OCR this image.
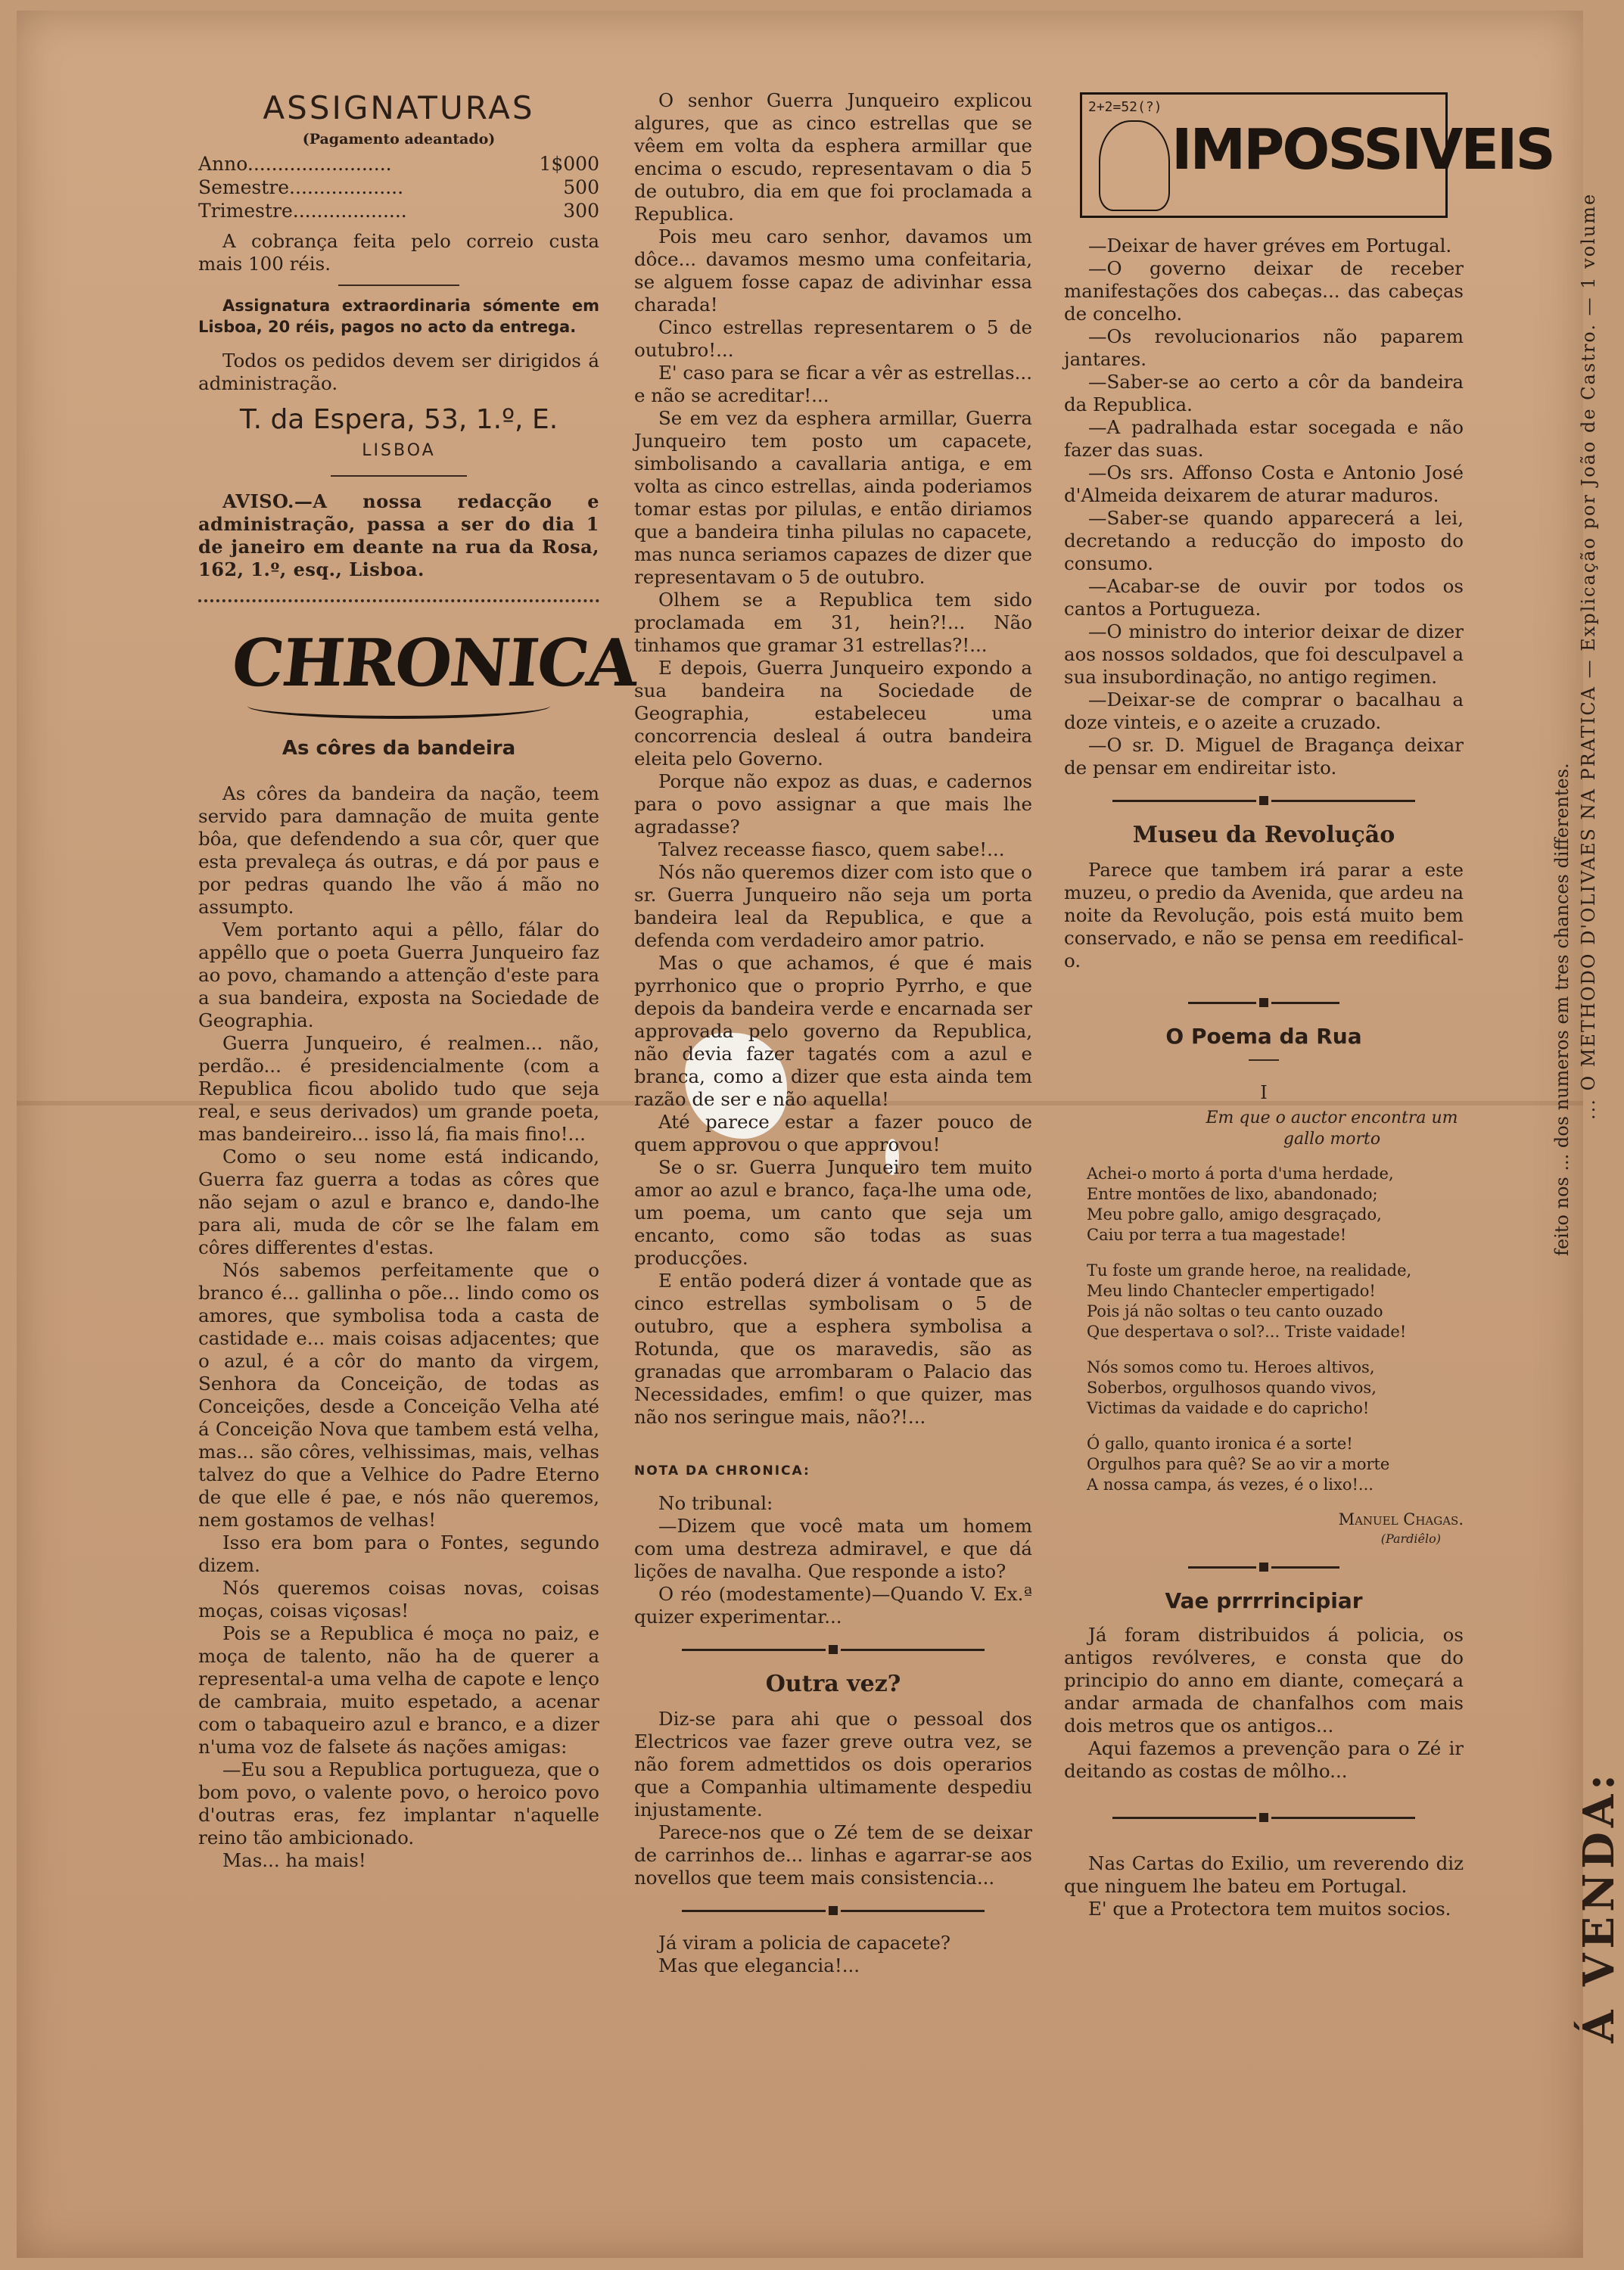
ASSIGNATURAS
(Pagamento adeantado)
Anno........................	1$000
Semestre...................	500
Trimestre...................	300

A cobrança feita pelo correio custa mais 100 réis.

Assignatura extraordinaria sómente em Lisboa, 20 réis, pagos no acto da entrega.

Todos os pedidos devem ser dirigidos á administração.

T. da Espera, 53, 1.º, E.
LISBOA

AVISO.—A nossa redacção e administração, passa a ser do dia 1 de janeiro em deante na rua da Rosa, 162, 1.º, esq., Lisboa.

CHRONICA
As côres da bandeira

As côres da bandeira da nação, teem servido para damnação de muita gente bôa, que defendendo a sua côr, quer que esta prevaleça ás outras, e dá por paus e por pedras quando lhe vão á mão no assumpto.

Vem portanto aqui a pêllo, fálar do appêllo que o poeta Guerra Junqueiro faz ao povo, chamando a attenção d'este para a sua bandeira, exposta na Sociedade de Geographia.

Guerra Junqueiro, é realmen... não, perdão... é presidencialmente (com a Republica ficou abolido tudo que seja real, e seus derivados) um grande poeta, mas bandeireiro... isso lá, fia mais fino!...

Como o seu nome está indicando, Guerra faz guerra a todas as côres que não sejam o azul e branco e, dando-lhe para ali, muda de côr se lhe falam em côres differentes d'estas.

Nós sabemos perfeitamente que o branco é... gallinha o põe... lindo como os amores, que symbolisa toda a casta de castidade e... mais coisas adjacentes; que o azul, é a côr do manto da virgem, Senhora da Conceição, de todas as Conceições, desde a Conceição Velha até á Conceição Nova que tambem está velha, mas... são côres, velhissimas, mais, velhas talvez do que a Velhice do Padre Eterno de que elle é pae, e nós não queremos, nem gostamos de velhas!

Isso era bom para o Fontes, segundo dizem.

Nós queremos coisas novas, coisas moças, coisas viçosas!

Pois se a Republica é moça no paiz, e moça de talento, não ha de querer a represental-a uma velha de capote e lenço de cambraia, muito espetado, a acenar com o tabaqueiro azul e branco, e a dizer n'uma voz de falsete ás nações amigas:

—Eu sou a Republica portugueza, que o bom povo, o valente povo, o heroico povo d'outras eras, fez implantar n'aquelle reino tão ambicionado.

Mas... ha mais!

O senhor Guerra Junqueiro explicou algures, que as cinco estrellas que se vêem em volta da esphera armillar que encima o escudo, representavam o dia 5 de outubro, dia em que foi proclamada a Republica.

Pois meu caro senhor, davamos um dôce... davamos mesmo uma confeitaria, se alguem fosse capaz de adivinhar essa charada!

Cinco estrellas representarem o 5 de outubro!...

E' caso para se ficar a vêr as estrellas... e não se acreditar!...

Se em vez da esphera armillar, Guerra Junqueiro tem posto um capacete, simbolisando a cavallaria antiga, e em volta as cinco estrellas, ainda poderiamos tomar estas por pilulas, e então diriamos que a bandeira tinha pilulas no capacete, mas nunca seriamos capazes de dizer que representavam o 5 de outubro.

Olhem se a Republica tem sido proclamada em 31, hein?!... Não tinhamos que gramar 31 estrellas?!...

E depois, Guerra Junqueiro expondo a sua bandeira na Sociedade de Geographia, estabeleceu uma concorrencia desleal á outra bandeira eleita pelo Governo.

Porque não expoz as duas, e cadernos para o povo assignar a que mais lhe agradasse?

Talvez receasse fiasco, quem sabe!...

Nós não queremos dizer com isto que o sr. Guerra Junqueiro não seja um porta bandeira leal da Republica, e que a defenda com verdadeiro amor patrio.

Mas o que achamos, é que é mais pyrrhonico que o proprio Pyrrho, e que depois da bandeira verde e encarnada ser approvada pelo governo da Republica, não devia fazer tagatés com a azul e branca, como a dizer que esta ainda tem razão de ser e não aquella!

Até parece estar a fazer pouco de quem approvou o que approvou!

Se o sr. Guerra Junqueiro tem muito amor ao azul e branco, faça-lhe uma ode, um poema, um canto que seja um encanto, como são todas as suas producções.

E então poderá dizer á vontade que as cinco estrellas symbolisam o 5 de outubro, que a esphera symbolisa a Rotunda, que os maravedis, são as granadas que arrombaram o Palacio das Necessidades, emfim! o que quizer, mas não nos seringue mais, não?!...

NOTA DA CHRONICA:

No tribunal:

—Dizem que você mata um homem com uma destreza admiravel, e que dá lições de navalha. Que responde a isto?

O réo (modestamente)—Quando V. Ex.ª quizer experimentar...

Outra vez?

Diz-se para ahi que o pessoal dos Electricos vae fazer greve outra vez, se não forem admettidos os dois operarios que a Companhia ultimamente despediu injustamente.

Parece-nos que o Zé tem de se deixar de carrinhos de... linhas e agarrar-se aos novellos que teem mais consistencia...

Já viram a policia de capacete?

Mas que elegancia!...

2+2=52(?)
IMPOSSIVEIS

—Deixar de haver gréves em Portugal.

—O governo deixar de receber manifestações dos cabeças... das cabeças de concelho.

—Os revolucionarios não paparem jantares.

—Saber-se ao certo a côr da bandeira da Republica.

—A padralhada estar socegada e não fazer das suas.

—Os srs. Affonso Costa e Antonio José d'Almeida deixarem de aturar maduros.

—Saber-se quando apparecerá a lei, decretando a reducção do imposto do consumo.

—Acabar-se de ouvir por todos os cantos a Portugueza.

—O ministro do interior deixar de dizer aos nossos soldados, que foi desculpavel a sua insubordinação, no antigo regimen.

—Deixar-se de comprar o bacalhau a doze vinteis, e o azeite a cruzado.

—O sr. D. Miguel de Bragança deixar de pensar em endireitar isto.

Museu da Revolução

Parece que tambem irá parar a este muzeu, o predio da Avenida, que ardeu na noite da Revolução, pois está muito bem conservado, e não se pensa em reedifical-o.

O Poema da Rua
I
Em que o auctor encontra um gallo morto
Achei-o morto á porta d'uma herdade,
Entre montões de lixo, abandonado;
Meu pobre gallo, amigo desgraçado,
Caiu por terra a tua magestade!
Tu foste um grande heroe, na realidade,
Meu lindo Chantecler empertigado!
Pois já não soltas o teu canto ouzado
Que despertava o sol?... Triste vaidade!
Nós somos como tu. Heroes altivos,
Soberbos, orgulhosos quando vivos,
Victimas da vaidade e do capricho!
Ó gallo, quanto ironica é a sorte!
Orgulhos para quê? Se ao vir a morte
A nossa campa, ás vezes, é o lixo!...
Manuel Chagas.
(Pardiêlo)
Vae prrrrincipiar

Já foram distribuidos á policia, os antigos revólveres, e consta que do principio do anno em diante, começará a andar armada de chanfalhos com mais dois metros que os antigos...

Aqui fazemos a prevenção para o Zé ir deitando as costas de môlho...

Nas Cartas do Exilio, um reverendo diz que ninguem lhe bateu em Portugal.

E' que a Protectora tem muitos socios.

feito nos ... dos numeros em tres chances differentes. ... O METHODO D'OLIVAES NA PRATICA — Explicação por João de Castro. — 1 volume
Á VENDA:
